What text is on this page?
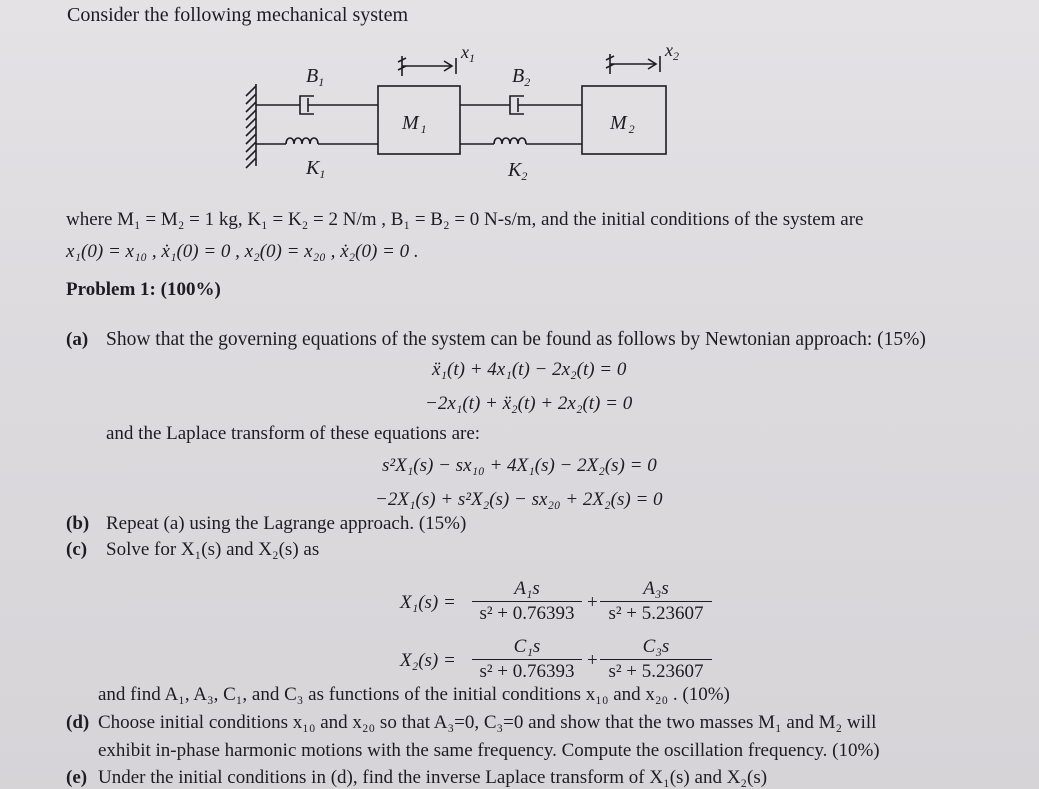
Consider the following mechanical system
$x_1$	$x_2$
$B_1$	$B_2$
M $_1$	M $_2$
$K_1$	$K_2$
where M₁ = M₂ = 1 kg, K₁ = K₂ = 2 N/m , B₁ = B₂ = 0 N-s/m, and the initial conditions of the system are
x₁(0) = x₁₀ , ẋ₁(0) = 0 , x₂(0) = x₂₀ , ẋ₂(0) = 0 .
Problem 1: (100%)
(a) Show that the governing equations of the system can be found as follows by Newtonian approach: (15%)
ẍ₁(t) + 4x₁(t) − 2x₂(t) = 0
−2x₁(t) + ẍ₂(t) + 2x₂(t) = 0
and the Laplace transform of these equations are:
s²X₁(s) − sx₁₀ + 4X₁(s) − 2X₂(s) = 0
−2X₁(s) + s²X₂(s) − sx₂₀ + 2X₂(s) = 0
(b) Repeat (a) using the Lagrange approach. (15%)
(c) Solve for X₁(s) and X₂(s) as
X₁(s) =
A₁s
s² + 0.76393
+
A₃s
s² + 5.23607
X₂(s) =
C₁s
s² + 0.76393
+
C₃s
s² + 5.23607
and find A₁, A₃, C₁, and C₃ as functions of the initial conditions x₁₀ and x₂₀ . (10%)
(d) Choose initial conditions x₁₀ and x₂₀ so that A₃=0, C₃=0 and show that the two masses M₁ and M₂ will
exhibit in-phase harmonic motions with the same frequency. Compute the oscillation frequency. (10%)
(e) Under the initial conditions in (d), find the inverse Laplace transform of X₁(s) and X₂(s)
